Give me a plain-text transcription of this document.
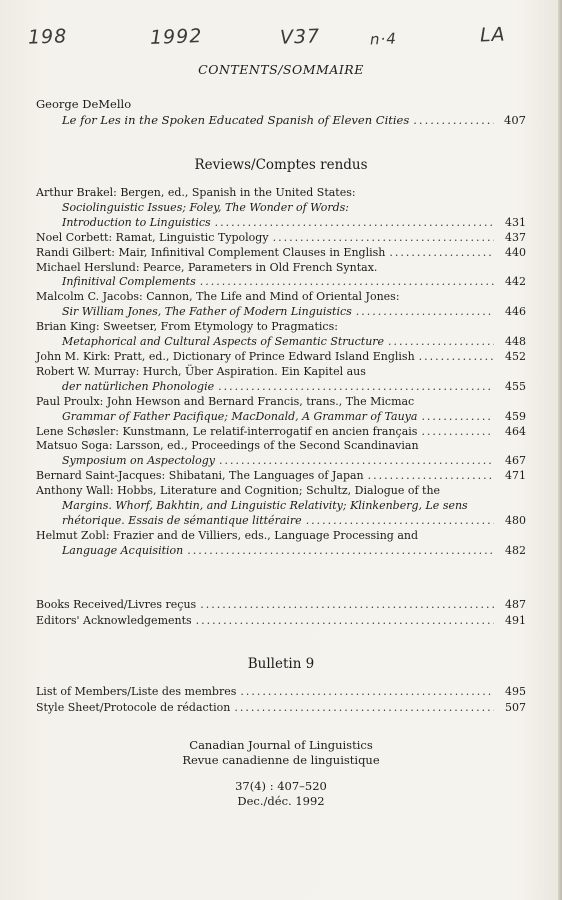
198	1992	V37	n·4	LA
CONTENTS/SOMMAIRE
George DeMello
Le for Les in the Spoken Educated Spanish of Eleven Cities .....	407
Reviews/Comptes rendus
Arthur Brakel: Bergen, ed., Spanish in the United States:
Sociolinguistic Issues; Foley, The Wonder of Words:
Introduction to Linguistics .....	431
Noel Corbett: Ramat, Linguistic Typology .....	437
Randi Gilbert: Mair, Infinitival Complement Clauses in English .....	440
Michael Herslund: Pearce, Parameters in Old French Syntax.
Infinitival Complements .....	442
Malcolm C. Jacobs: Cannon, The Life and Mind of Oriental Jones:
Sir William Jones, The Father of Modern Linguistics .....	446
Brian King: Sweetser, From Etymology to Pragmatics:
Metaphorical and Cultural Aspects of Semantic Structure .....	448
John M. Kirk: Pratt, ed., Dictionary of Prince Edward Island English .....	452
Robert W. Murray: Hurch, Über Aspiration. Ein Kapitel aus
der natürlichen Phonologie .....	455
Paul Proulx: John Hewson and Bernard Francis, trans., The Micmac
Grammar of Father Pacifique; MacDonald, A Grammar of Tauya .....	459
Lene Schøsler: Kunstmann, Le relatif-interrogatif en ancien français .....	464
Matsuo Soga: Larsson, ed., Proceedings of the Second Scandinavian
Symposium on Aspectology .....	467
Bernard Saint-Jacques: Shibatani, The Languages of Japan .....	471
Anthony Wall: Hobbs, Literature and Cognition; Schultz, Dialogue of the
Margins. Whorf, Bakhtin, and Linguistic Relativity; Klinkenberg, Le sens
rhétorique. Essais de sémantique littéraire .....	480
Helmut Zobl: Frazier and de Villiers, eds., Language Processing and
Language Acquisition .....	482
Books Received/Livres reçus .....	487
Editors' Acknowledgements .....	491
Bulletin 9
List of Members/Liste des membres .....	495
Style Sheet/Protocole de rédaction .....	507
Canadian Journal of Linguistics
Revue canadienne de linguistique
37(4) : 407–520
Dec./déc. 1992
